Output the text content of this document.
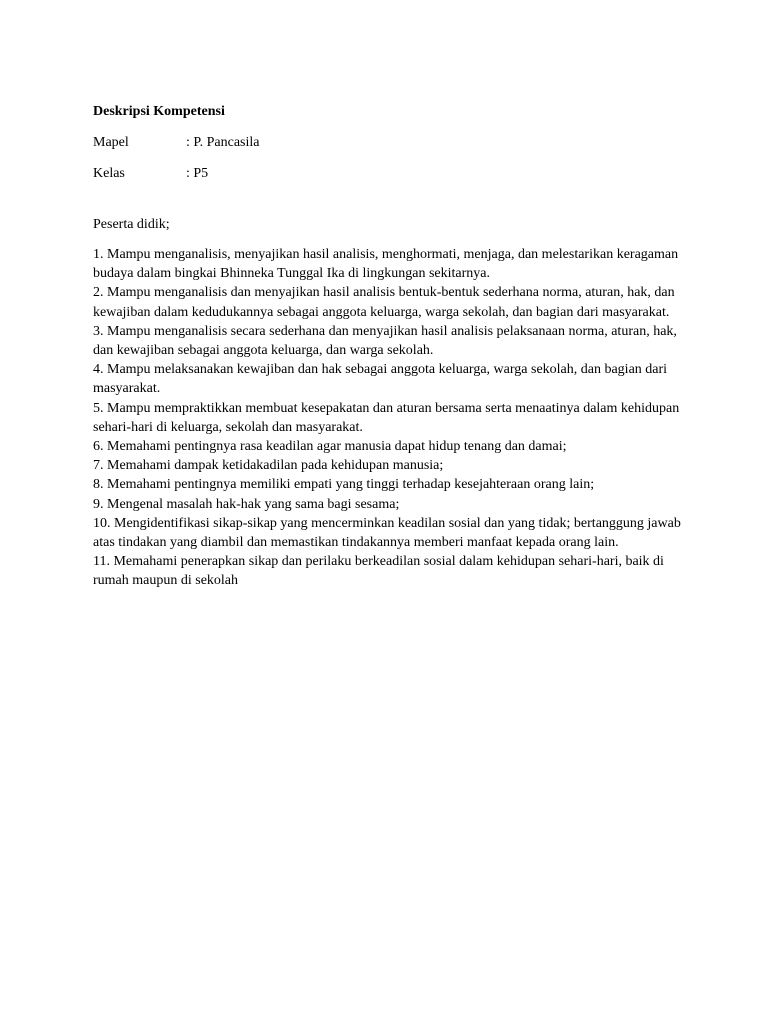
Deskripsi Kompetensi
Mapel	: P. Pancasila
Kelas	: P5
Peserta didik;

1. Mampu menganalisis, menyajikan hasil analisis, menghormati, menjaga, dan melestarikan keragaman budaya dalam bingkai Bhinneka Tunggal Ika di lingkungan sekitarnya.

2. Mampu menganalisis dan menyajikan hasil analisis bentuk-bentuk sederhana norma, aturan, hak, dan kewajiban dalam kedudukannya sebagai anggota keluarga, warga sekolah, dan bagian dari masyarakat.

3. Mampu menganalisis secara sederhana dan menyajikan hasil analisis pelaksanaan norma, aturan, hak, dan kewajiban sebagai anggota keluarga, dan warga sekolah.

4. Mampu melaksanakan kewajiban dan hak sebagai anggota keluarga, warga sekolah, dan bagian dari masyarakat.

5. Mampu mempraktikkan membuat kesepakatan dan aturan bersama serta menaatinya dalam kehidupan sehari-hari di keluarga, sekolah dan masyarakat.

6. Memahami pentingnya rasa keadilan agar manusia dapat hidup tenang dan damai;

7. Memahami dampak ketidakadilan pada kehidupan manusia;

8. Memahami pentingnya memiliki empati yang tinggi terhadap kesejahteraan orang lain;

9. Mengenal masalah hak-hak yang sama bagi sesama;

10. Mengidentifikasi sikap-sikap yang mencerminkan keadilan sosial dan yang tidak; bertanggung jawab atas tindakan yang diambil dan memastikan tindakannya memberi manfaat kepada orang lain.

11. Memahami penerapkan sikap dan perilaku berkeadilan sosial dalam kehidupan sehari-hari, baik di rumah maupun di sekolah
